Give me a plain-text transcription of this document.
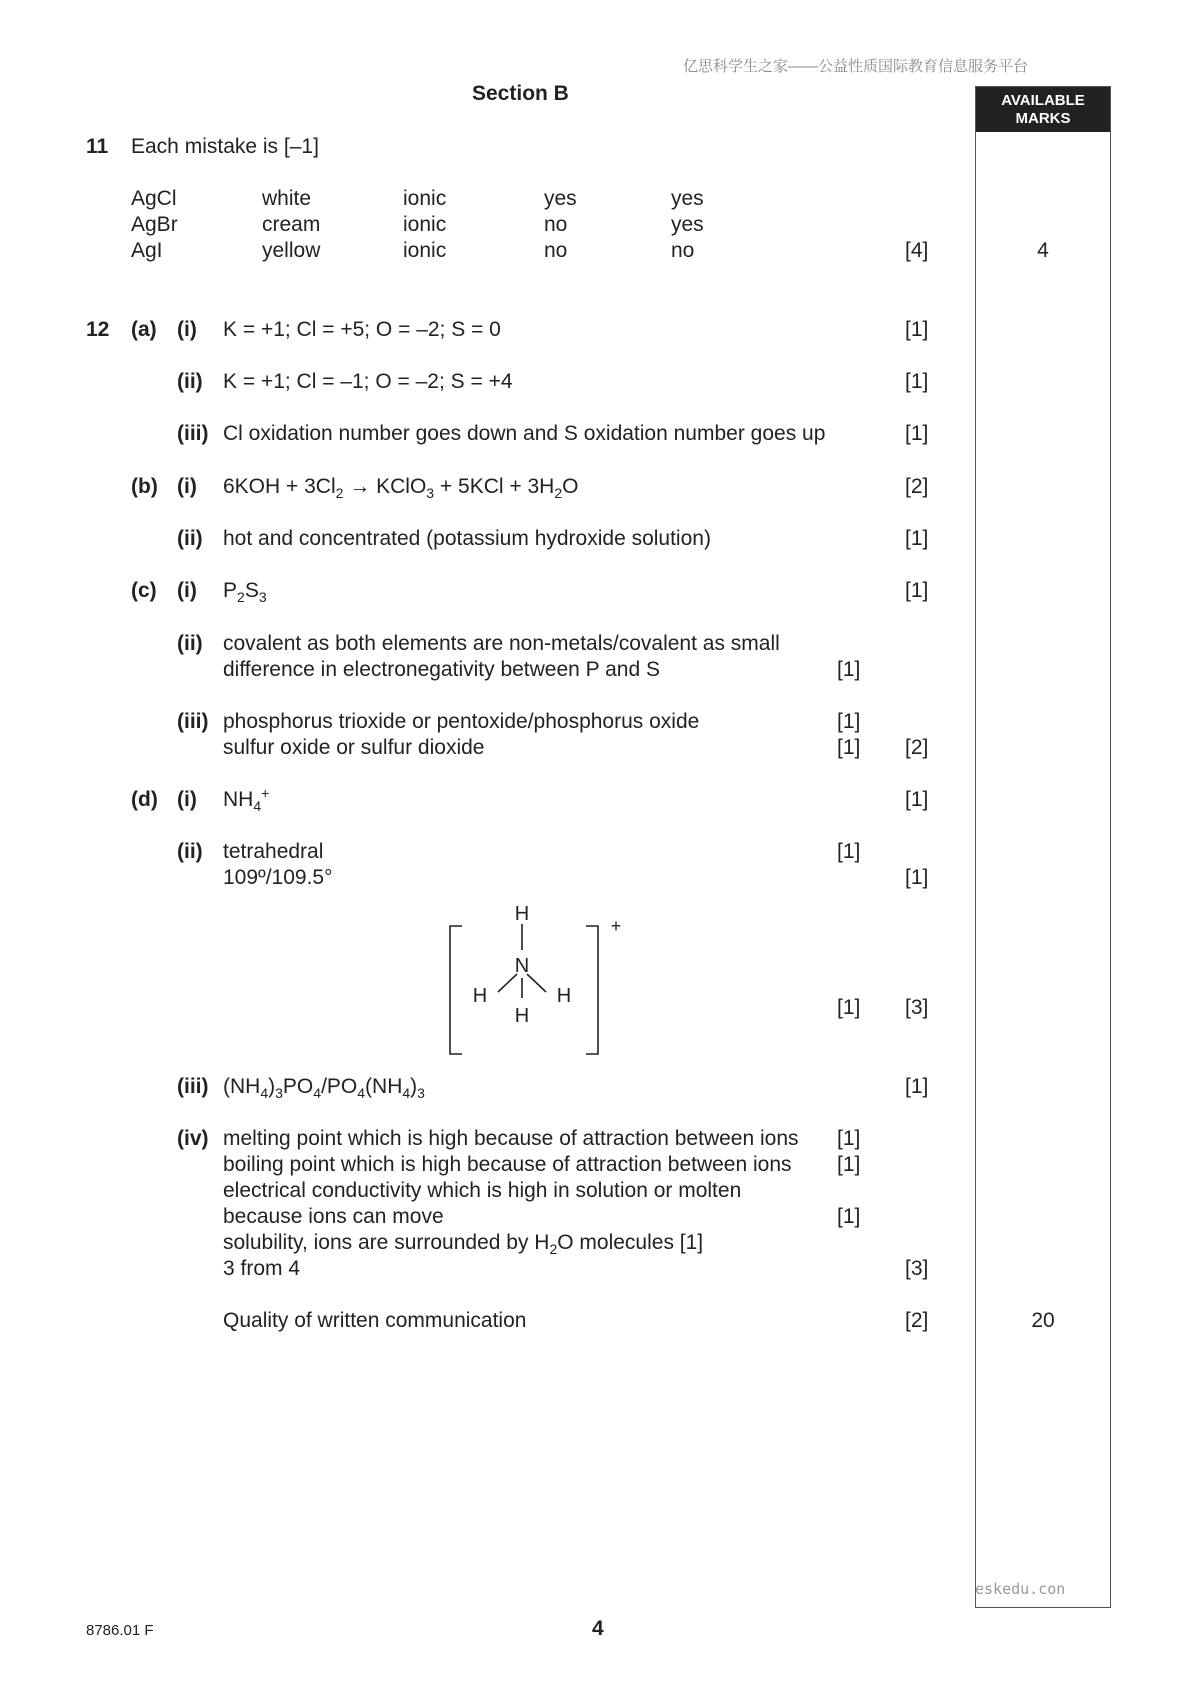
亿思科学生之家——公益性质国际教育信息服务平台
Section B	AVAILABLE MARKS
11 Each mistake is [–1]
AgCl	white	ionic	yes	yes
AgBr	cream	ionic	no	yes
AgI	yellow	ionic	no	no	[4]	4
12 (a) (i) K = +1; Cl = +5; O = –2; S = 0	[1]
(ii) K = +1; Cl = –1; O = –2; S = +4	[1]
(iii) Cl oxidation number goes down and S oxidation number goes up	[1]
(b) (i) $6KOH + 3Cl_2$ → KClO$_3$ + $5KCl + 3H_2O$	[2]
(ii) hot and concentrated (potassium hydroxide solution)	[1]
(c) (i) $P_2S_3$	[1]
(ii) covalent as both elements are non-metals/covalent as small
difference in electronegativity between P and S	[1]
(iii) phosphorus trioxide or pentoxide/phosphorus oxide	[1]
sulfur oxide or sulfur dioxide	[1] [2]
(d) (i) $NH_4^+$	[1]
(ii) tetrahedral	[1]
109º/109.5°	[1]
H
N
H	H
H
+
[1] [3]
(iii) $(NH_4)_3PO_4/PO_4(NH_4)_3$	[1]
(iv) melting point which is high because of attraction between ions [1]
boiling point which is high because of attraction between ions [1]
electrical conductivity which is high in solution or molten
because ions can move	[1]
solubility, ions are surrounded by $H_2O$ molecules [1]
3 from 4	[3]
Quality of written communication	[2]	20
eskedu.con
8786.01 F	4
